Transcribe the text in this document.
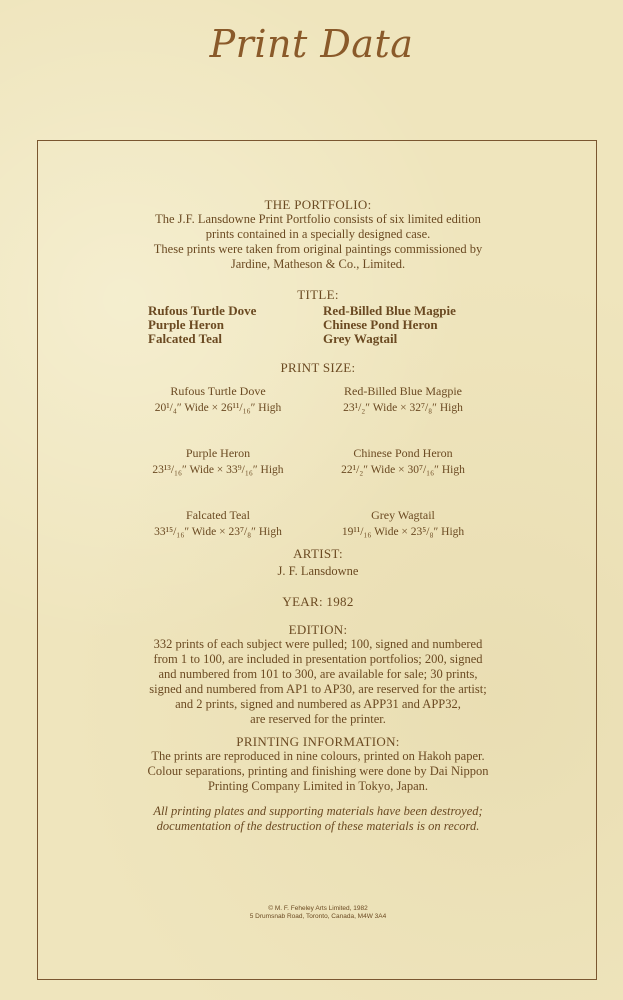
Print Data
THE PORTFOLIO:
The J.F. Lansdowne Print Portfolio consists of six limited edition
prints contained in a specially designed case.
These prints were taken from original paintings commissioned by
Jardine, Matheson & Co., Limited.
TITLE:
Rufous Turtle Dove	Red-Billed Blue Magpie
Purple Heron	Chinese Pond Heron
Falcated Teal	Grey Wagtail
PRINT SIZE:
Rufous Turtle Dove
20¹/₄″ Wide × 26¹¹/₁₆″ High
Red-Billed Blue Magpie
23¹/₂″ Wide × 32⁷/₈″ High
Purple Heron
23¹³/₁₆″ Wide × 33⁹/₁₆″ High
Chinese Pond Heron
22¹/₂″ Wide × 30⁷/₁₆″ High
Falcated Teal
33¹⁵/₁₆″ Wide × 23⁷/₈″ High
Grey Wagtail
19¹¹/₁₆ Wide × 23⁵/₈″ High
ARTIST:
J. F. Lansdowne
YEAR: 1982
EDITION:
332 prints of each subject were pulled; 100, signed and numbered
from 1 to 100, are included in presentation portfolios; 200, signed
and numbered from 101 to 300, are available for sale; 30 prints,
signed and numbered from AP1 to AP30, are reserved for the artist;
and 2 prints, signed and numbered as APP31 and APP32,
are reserved for the printer.
PRINTING INFORMATION:
The prints are reproduced in nine colours, printed on Hakoh paper.
Colour separations, printing and finishing were done by Dai Nippon
Printing Company Limited in Tokyo, Japan.
All printing plates and supporting materials have been destroyed;
documentation of the destruction of these materials is on record.
© M. F. Feheley Arts Limited, 1982
5 Drumsnab Road, Toronto, Canada, M4W 3A4
